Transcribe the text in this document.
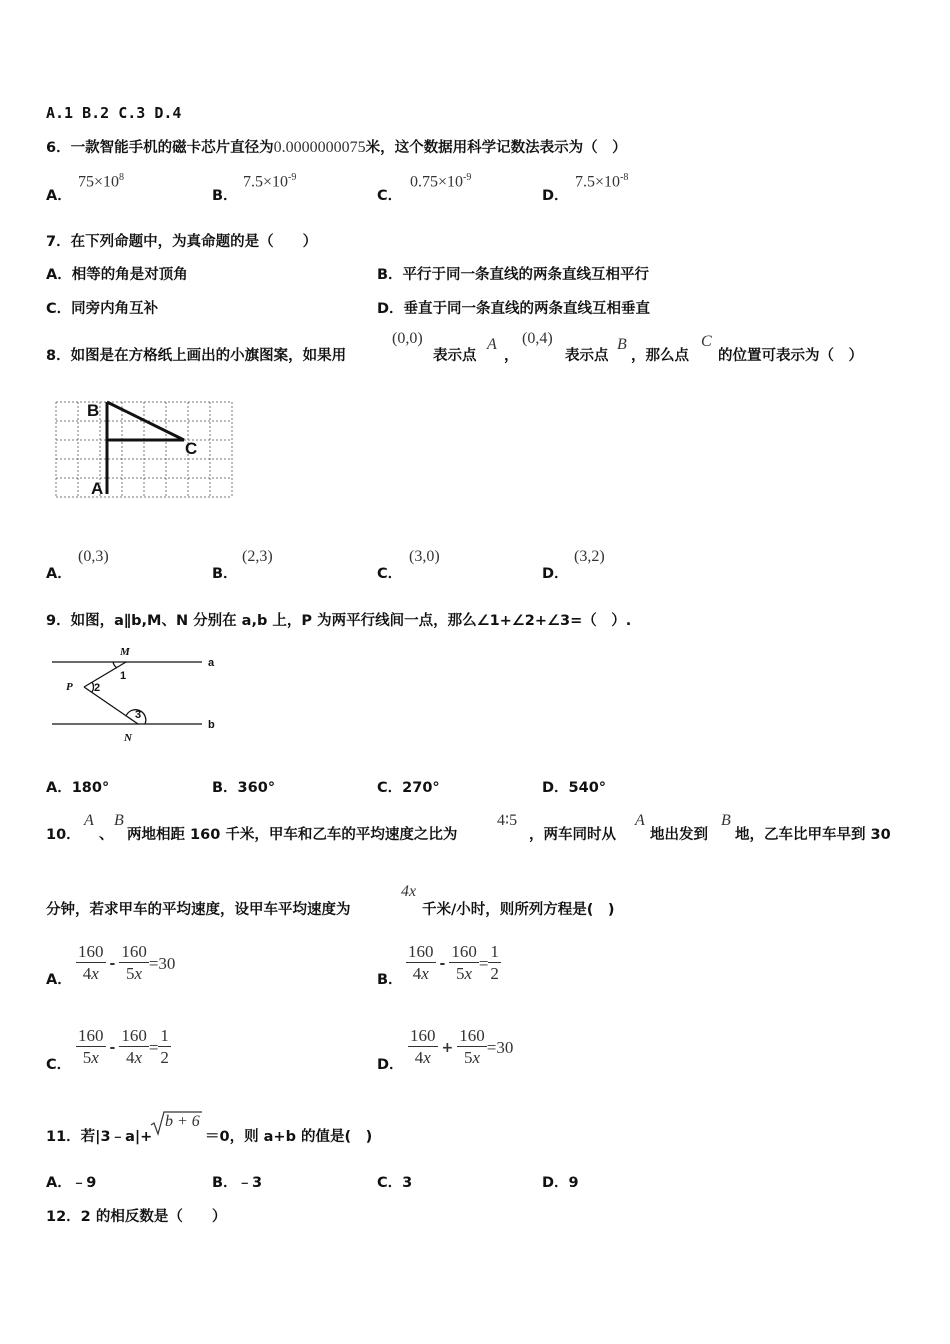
A.1 B.2 C.3 D.4
6．一款智能手机的磁卡芯片直径为0.0000000075米，这个数据用科学记数法表示为（　）
A．
$75\times 10^8$
B．
$7.5\times 10^{-9}$
C．
$0.75\times 10^{-9}$
D．
$7.5\times 10^{-8}$
7．在下列命题中，为真命题的是（　　）
A．相等的角是对顶角	B．平行于同一条直线的两条直线互相平行
C．同旁内角互补	D．垂直于同一条直线的两条直线互相垂直
8．如图是在方格纸上画出的小旗图案，如果用
(0,0)
表示点
A
，
(0,4)
表示点
B
，那么点
C
的位置可表示为（　）
B
C
A
A．
(0,3)
B．
(2,3)
C．
(3,0)
D．
(3,2)
9．如图，a∥b,M、N 分别在 a,b 上，P 为两平行线间一点，那么∠1+∠2+∠3=（　）.
M
P
N
a
b
1
2
3
A．180°	B．360°	C．270°	D．540°
10．
A
、
B
两地相距 160 千米，甲车和乙车的平均速度之比为
4∶5
，两车同时从
A
地出发到
B
地，乙车比甲车早到 30
分钟，若求甲车的平均速度，设甲车平均速度为
4x
千米/小时，则所列方程是(　)
A． $\frac{160}{4x} - \frac{160}{5x} =30$
B． $\frac{160}{4x} - \frac{160}{5x} = \frac{1}{2}$
C． $\frac{160}{5x} - \frac{160}{4x} = \frac{1}{2}$	D． $\frac{160}{4x} + \frac{160}{5x} =30$
11．若|3﹣a|+
b + 6
＝0，则 a+b 的值是(　)
A．﹣9	B．﹣3	C．3	D．9
12．2 的相反数是（　　）
